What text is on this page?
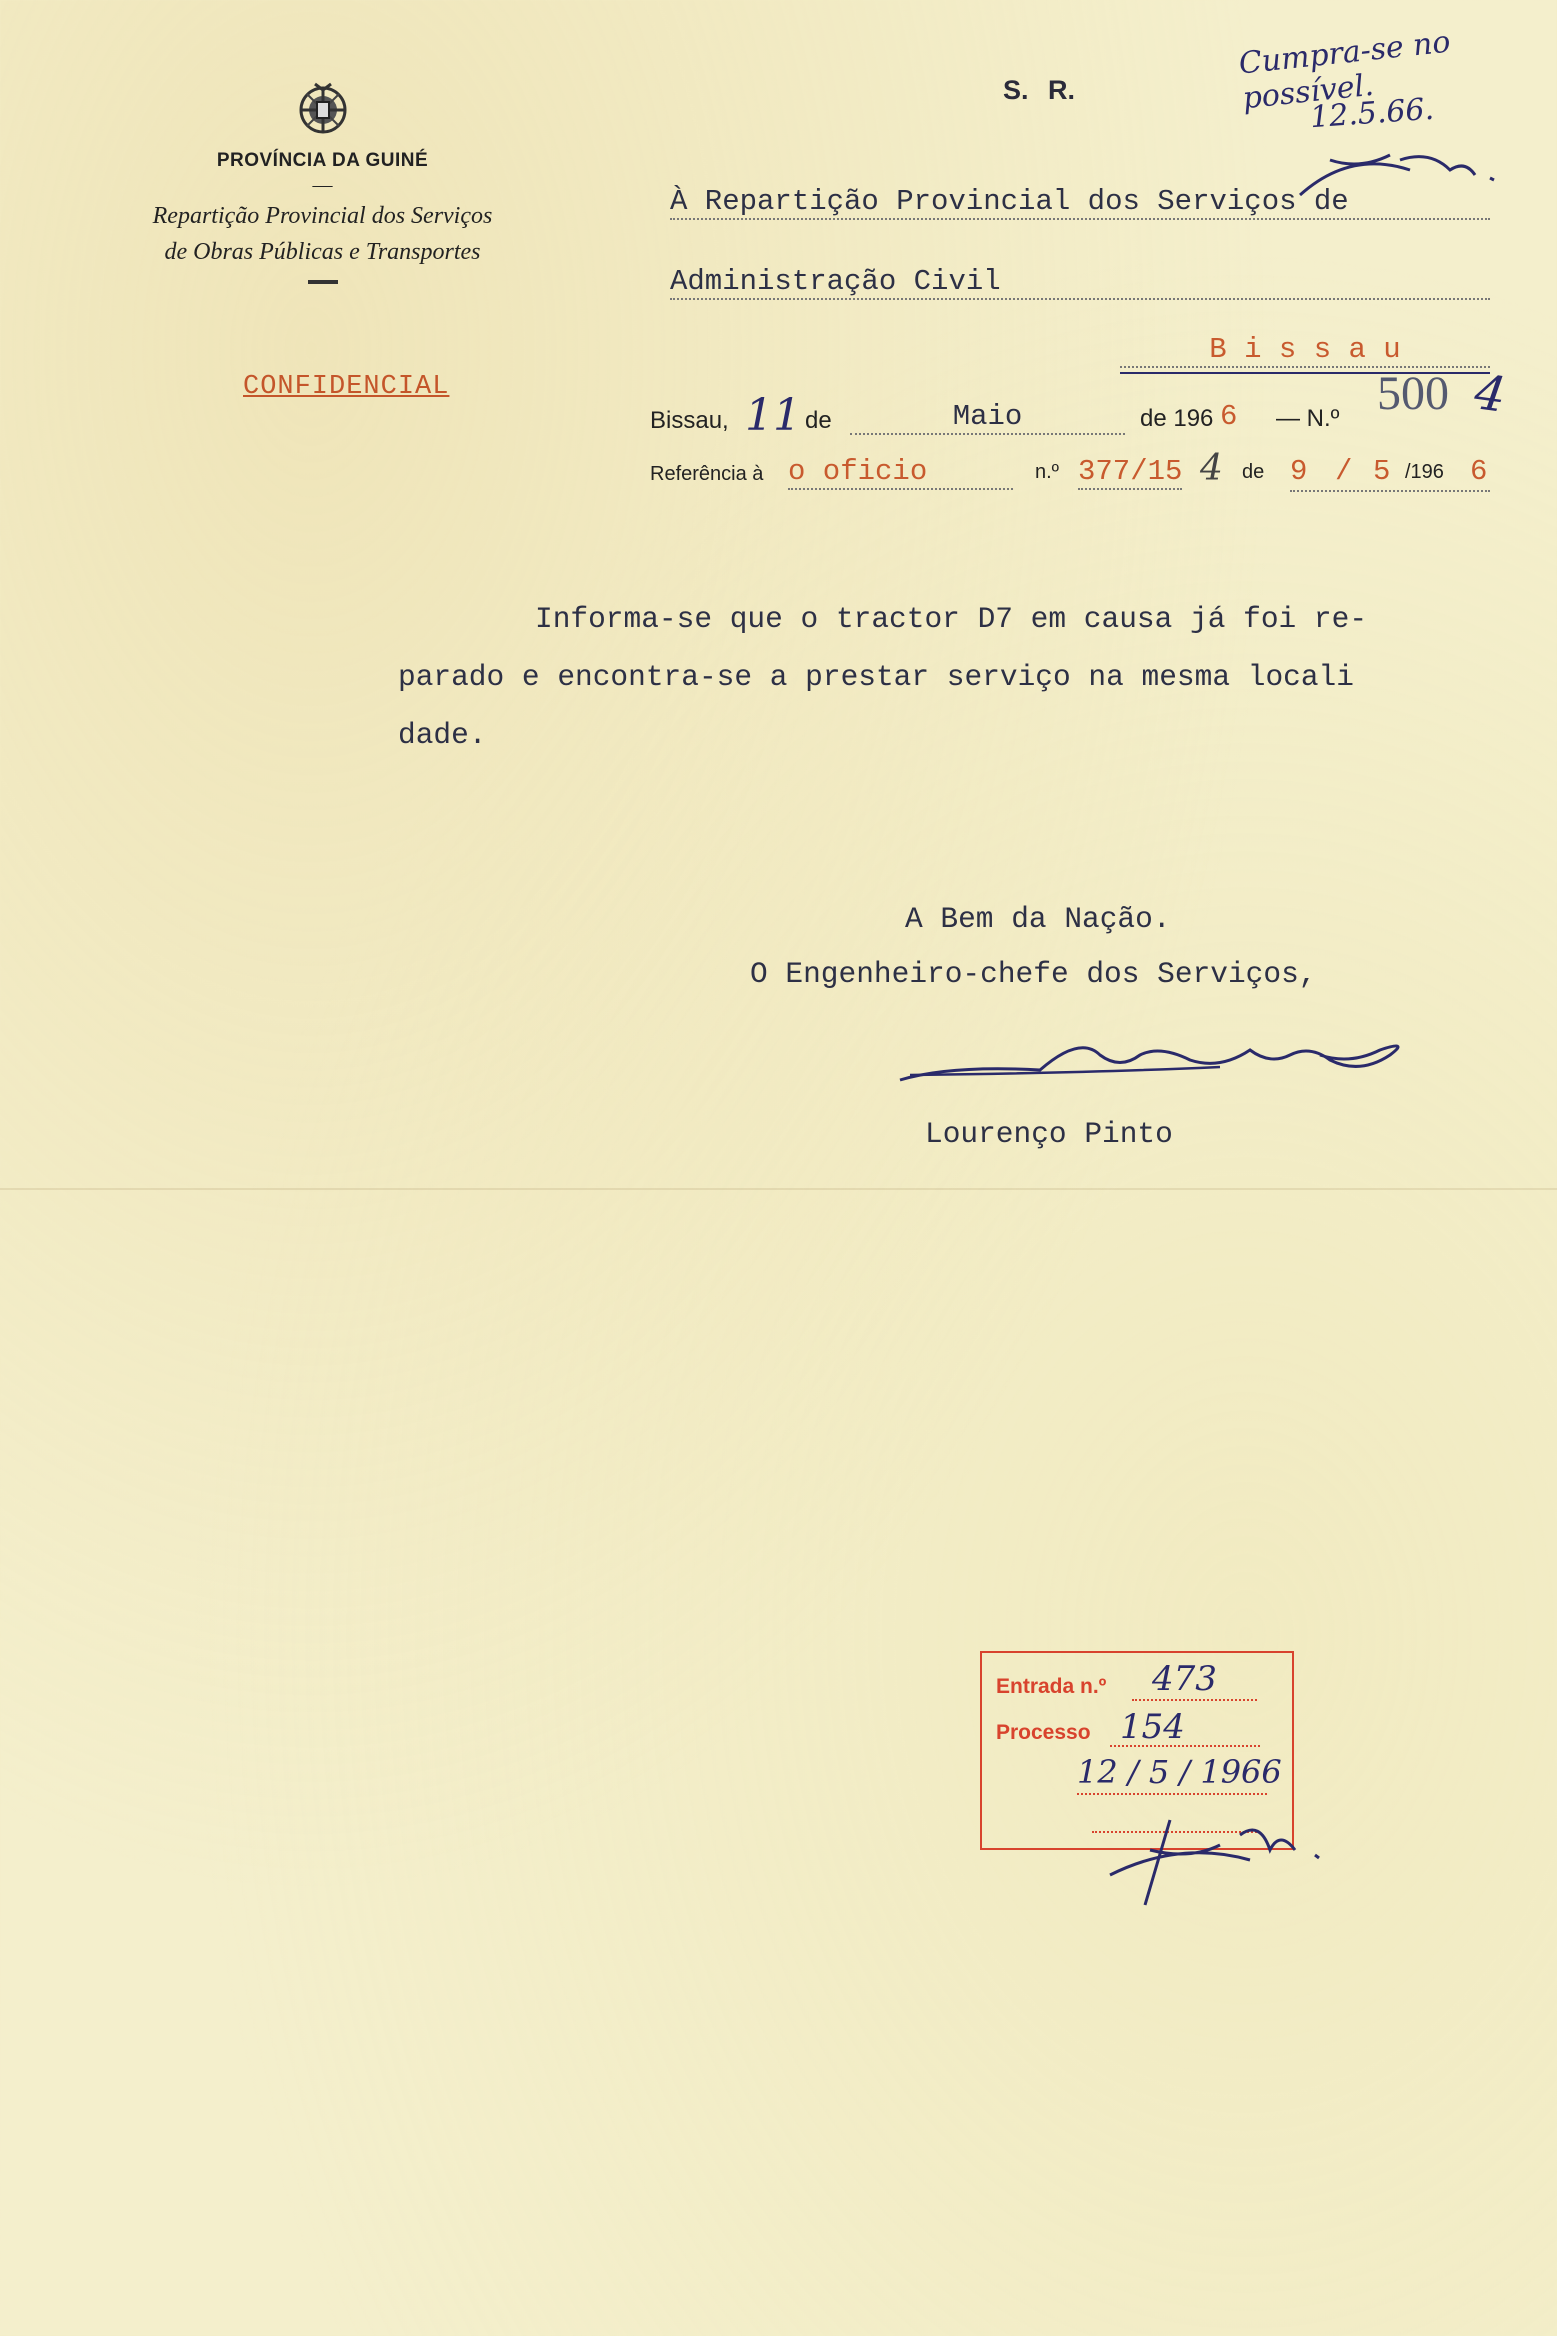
PROVÍNCIA DA GUINÉ
—
Repartição Provincial dos Serviços
de Obras Públicas e Transportes
CONFIDENCIAL
S. R.
Cumpra-se no possível.
12.5.66.
À Repartição Provincial dos Serviços de
Administração Civil
B i s s a u
Bissau, 11 de	Maio	de 196 6 — N.º 500 4
Referência à o oficio	n.º 377/15 4 de 9 / 5 /196 6
Informa-se que o tractor D7 em causa já foi re-
parado e encontra-se a prestar serviço na mesma locali
dade.
A Bem da Nação.
O Engenheiro-chefe dos Serviços,
Lourenço Pinto
Entrada n.º 473
Processo 154
12 / 5 / 1966
